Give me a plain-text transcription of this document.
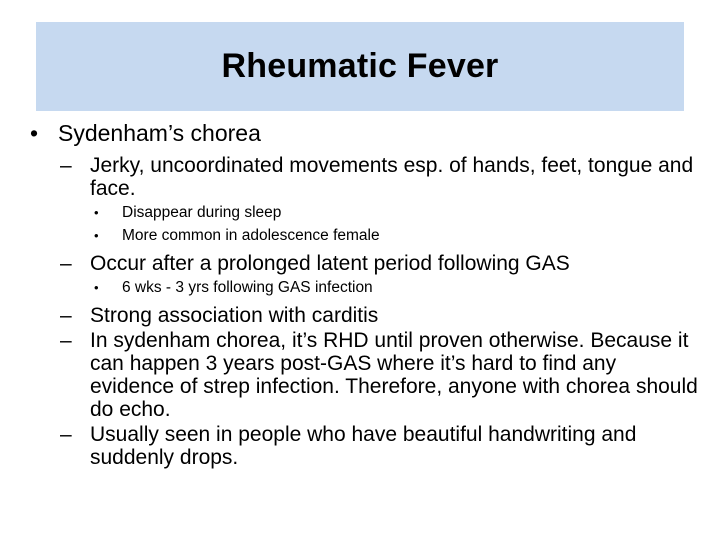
Rheumatic Fever
• Sydenham’s chorea
– Jerky, uncoordinated movements esp. of hands, feet, tongue and face.
•	Disappear during sleep
•	More common in adolescence female
– Occur after a prolonged latent period following GAS
•	6 wks - 3 yrs following GAS infection
– Strong association with carditis
– In sydenham chorea, it’s RHD until proven otherwise. Because it can happen 3 years post-GAS where it’s hard to find any evidence of strep infection. Therefore, anyone with chorea should do echo.
– Usually seen in people who have beautiful handwriting and suddenly drops.
